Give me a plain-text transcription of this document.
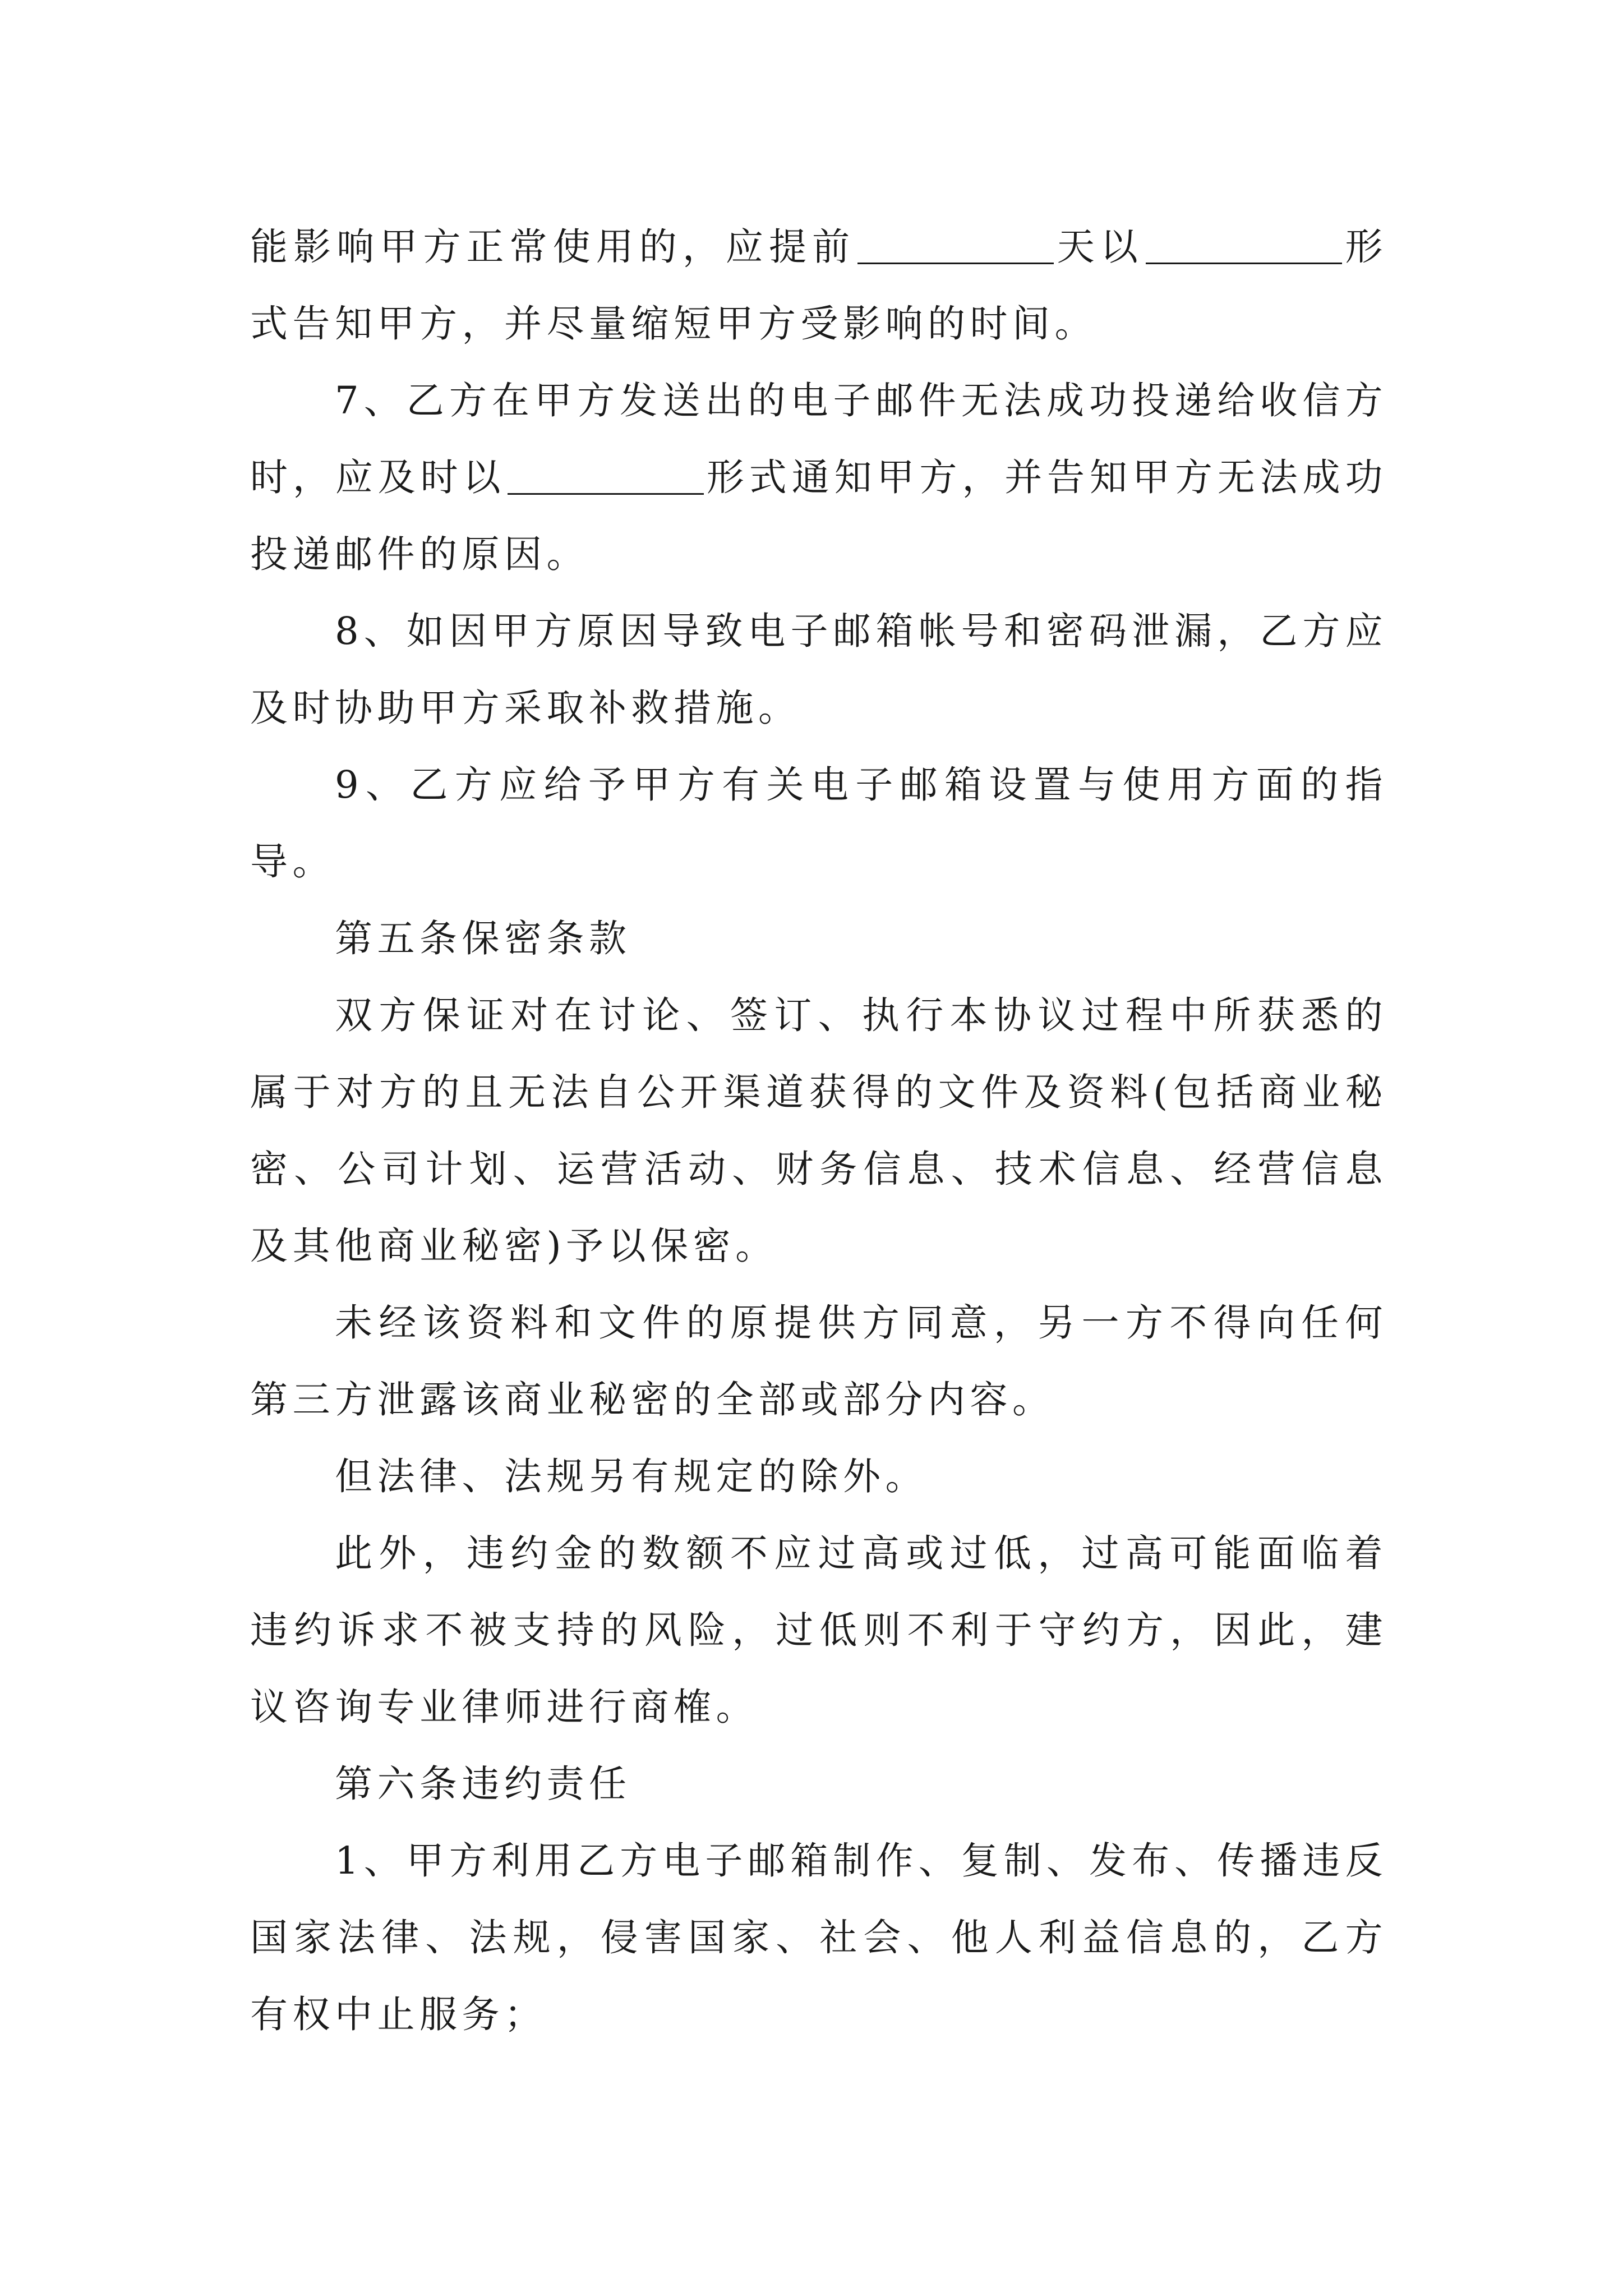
能影响甲方正常使用的，应提前	天以	形式告知甲方，并尽量缩短甲方受影响的时间。

7、乙方在甲方发送出的电子邮件无法成功投递给收信方时，应及时以	形式通知甲方，并告知甲方无法成功投递邮件的原因。

8、如因甲方原因导致电子邮箱帐号和密码泄漏，乙方应及时协助甲方采取补救措施。

9、乙方应给予甲方有关电子邮箱设置与使用方面的指导。

第五条保密条款

双方保证对在讨论、签订、执行本协议过程中所获悉的属于对方的且无法自公开渠道获得的文件及资料(包括商业秘密、公司计划、运营活动、财务信息、技术信息、经营信息及其他商业秘密)予以保密。

未经该资料和文件的原提供方同意，另一方不得向任何第三方泄露该商业秘密的全部或部分内容。

但法律、法规另有规定的除外。

此外，违约金的数额不应过高或过低，过高可能面临着违约诉求不被支持的风险，过低则不利于守约方，因此，建议咨询专业律师进行商榷。

第六条违约责任

1、甲方利用乙方电子邮箱制作、复制、发布、传播违反国家法律、法规，侵害国家、社会、他人利益信息的，乙方有权中止服务；
